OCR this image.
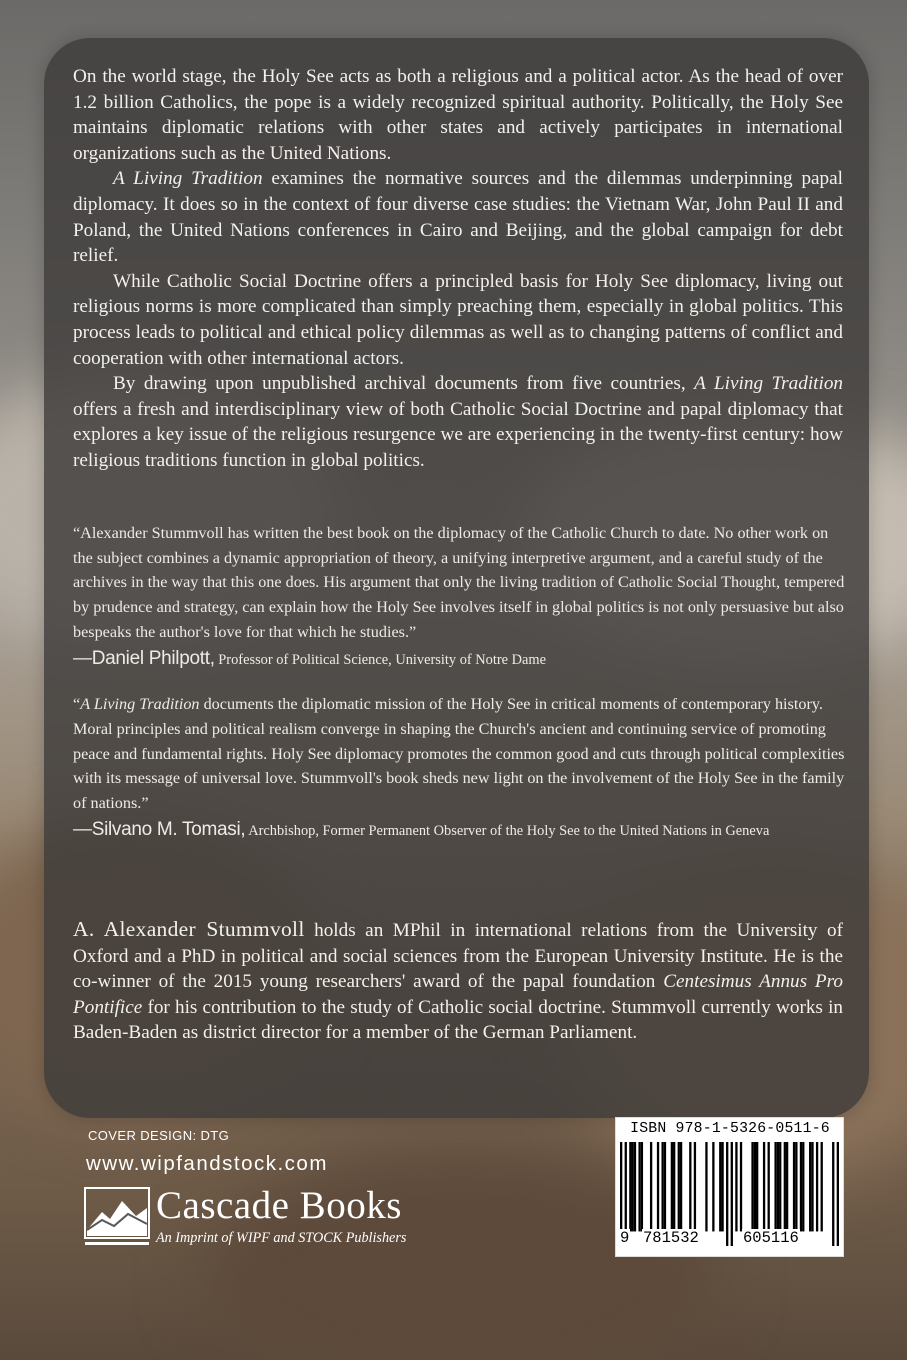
On the world stage, the Holy See acts as both a religious and a political actor. As the head of over 1.2 billion Catholics, the pope is a widely recognized spiritual authority. Politically, the Holy See maintains diplomatic relations with other states and actively participates in international organizations such as the United Nations.

A Living Tradition examines the normative sources and the dilemmas underpinning papal diplomacy. It does so in the context of four diverse case studies: the Vietnam War, John Paul II and Poland, the United Nations conferences in Cairo and Beijing, and the global campaign for debt relief.

While Catholic Social Doctrine offers a principled basis for Holy See diplomacy, living out religious norms is more complicated than simply preaching them, especially in global politics. This process leads to political and ethical policy dilemmas as well as to changing patterns of conflict and cooperation with other international actors.

By drawing upon unpublished archival documents from five countries, A Living Tradition offers a fresh and interdisciplinary view of both Catholic Social Doctrine and papal diplomacy that explores a key issue of the religious resurgence we are experiencing in the twenty-first century: how religious traditions function in global politics.

“Alexander Stummvoll has written the best book on the diplomacy of the Catholic Church to date. No other work on the subject combines a dynamic appropriation of theory, a unifying interpretive argument, and a careful study of the archives in the way that this one does. His argument that only the living tradition of Catholic Social Thought, tempered by prudence and strategy, can explain how the Holy See involves itself in global politics is not only persuasive but also bespeaks the author's love for that which he studies.”

—Daniel Philpott, Professor of Political Science, University of Notre Dame

“A Living Tradition documents the diplomatic mission of the Holy See in critical moments of contemporary history. Moral principles and political realism converge in shaping the Church's ancient and continuing service of promoting peace and fundamental rights. Holy See diplomacy promotes the common good and cuts through political complexities with its message of universal love. Stummvoll's book sheds new light on the involvement of the Holy See in the family of nations.”

—Silvano M. Tomasi, Archbishop, Former Permanent Observer of the Holy See to the United Nations in Geneva

A. Alexander Stummvoll holds an MPhil in international relations from the University of Oxford and a PhD in political and social sciences from the European University Institute. He is the co-winner of the 2015 young researchers' award of the papal foundation Centesimus Annus Pro Pontifice for his contribution to the study of Catholic social doctrine. Stummvoll currently works in Baden-Baden as district director for a member of the German Parliament.

COVER DESIGN: DTG
www.wipfandstock.com
Cascade Books
An Imprint of WIPF and STOCK Publishers
ISBN 978-1-5326-0511-6
9 781532	605116
